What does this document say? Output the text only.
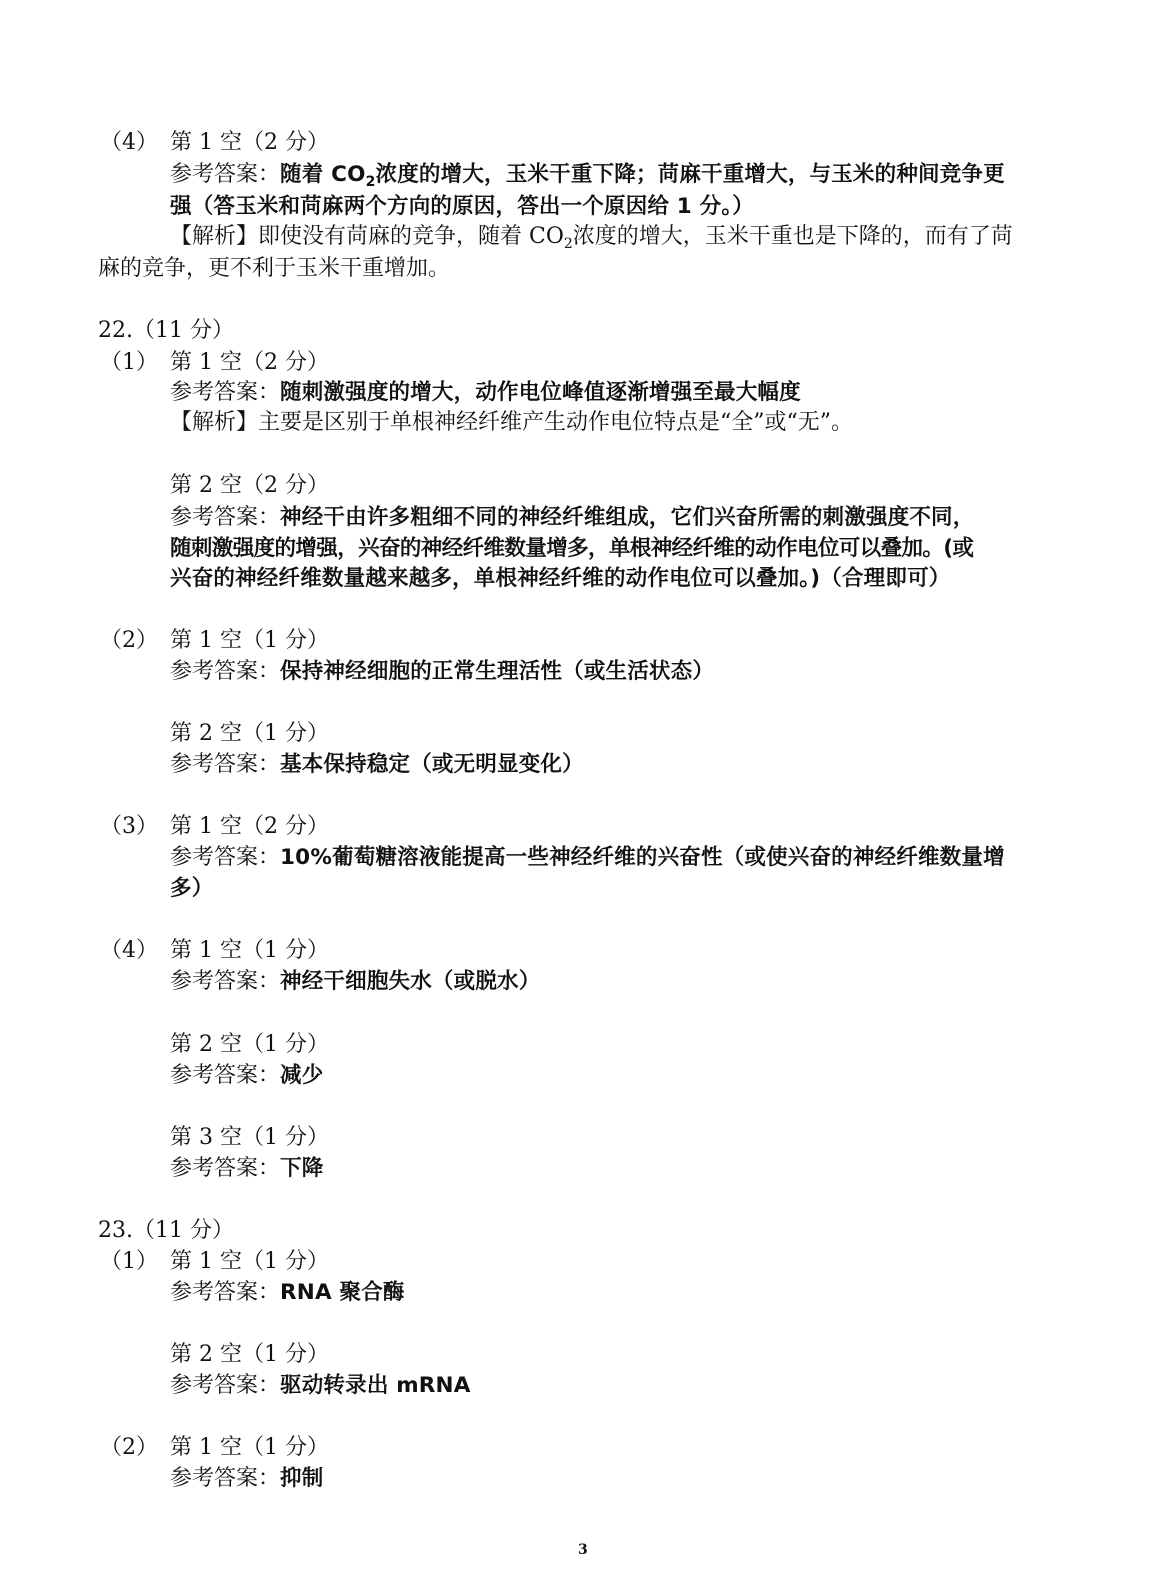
（4） 第 1 空（2 分）
参考答案：随着 $CO_2$浓度的增大，玉米干重下降；苘麻干重增大，与玉米的种间竞争更
强（答玉米和苘麻两个方向的原因，答出一个原因给 1 分。）
【解析】即使没有苘麻的竞争，随着 $CO_2$浓度的增大，玉米干重也是下降的，而有了苘
麻的竞争，更不利于玉米干重增加。
22.（11 分）
（1） 第 1 空（2 分）
参考答案：随刺激强度的增大，动作电位峰值逐渐增强至最大幅度
【解析】主要是区别于单根神经纤维产生动作电位特点是“全”或“无”。
第 2 空（2 分）
参考答案：神经干由许多粗细不同的神经纤维组成，它们兴奋所需的刺激强度不同，
随刺激强度的增强，兴奋的神经纤维数量增多，单根神经纤维的动作电位可以叠加。(或
兴奋的神经纤维数量越来越多，单根神经纤维的动作电位可以叠加。)（合理即可）
（2） 第 1 空（1 分）
参考答案：保持神经细胞的正常生理活性（或生活状态）
第 2 空（1 分）
参考答案：基本保持稳定（或无明显变化）
（3） 第 1 空（2 分）
参考答案：10%葡萄糖溶液能提高一些神经纤维的兴奋性（或使兴奋的神经纤维数量增
多）
（4） 第 1 空（1 分）
参考答案：神经干细胞失水（或脱水）
第 2 空（1 分）
参考答案：减少
第 3 空（1 分）
参考答案：下降
23.（11 分）
（1） 第 1 空（1 分）
参考答案：RNA 聚合酶
第 2 空（1 分）
参考答案：驱动转录出 mRNA
（2） 第 1 空（1 分）
参考答案：抑制
3
